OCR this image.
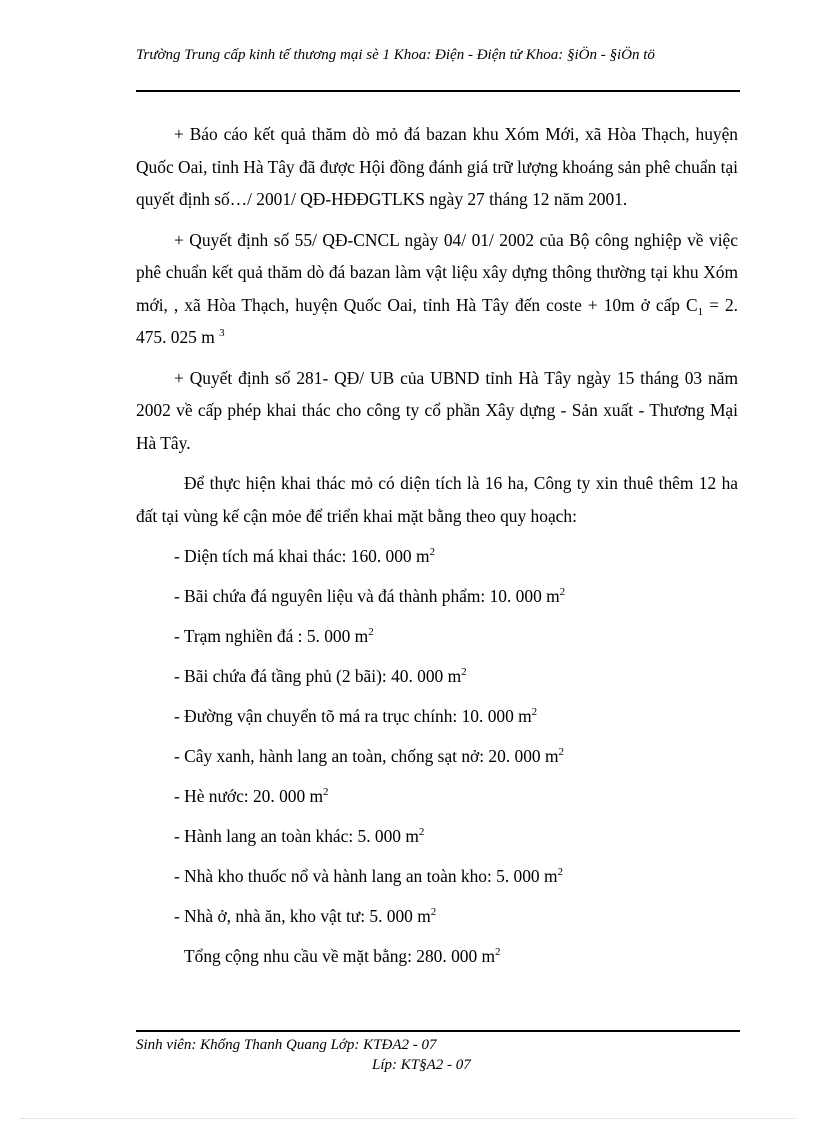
Trường Trung cấp kinh tế thương mại sè 1 Khoa: Điện - Điện tử Khoa: §iÖn - §iÖn tö

+ Báo cáo kết quả thăm dò mỏ đá bazan khu Xóm Mới, xã Hòa Thạch, huyện Quốc Oai, tỉnh Hà Tây đã được Hội đồng đánh giá trữ lượng khoáng sản phê chuẩn tại quyết định số…/ 2001/ QĐ-HĐĐGTLKS ngày 27 tháng 12 năm 2001.

+ Quyết định số 55/ QĐ-CNCL ngày 04/ 01/ 2002 của Bộ công nghiệp về việc phê chuẩn kết quả thăm dò đá bazan làm vật liệu xây dựng thông thường tại khu Xóm mới, , xã Hòa Thạch, huyện Quốc Oai, tỉnh Hà Tây đến coste + 10m ở cấp $C_1 = 2$. 475. 025 m $^3$

+ Quyết định số 281- QĐ/ UB của UBND tỉnh Hà Tây ngày 15 tháng 03 năm 2002 về cấp phép khai thác cho công ty cổ phần Xây dựng - Sản xuất - Thương Mại Hà Tây.

Để thực hiện khai thác mỏ có diện tích là 16 ha, Công ty xin thuê thêm 12 ha đất tại vùng kế cận mỏe để triển khai mặt bằng theo quy hoạch:

- Diện tích má khai thác: 160. 000 $m^2$
- Bãi chứa đá nguyên liệu và đá thành phẩm: 10. 000 $m^2$
- Trạm nghiền đá : 5. 000 $m^2$
- Bãi chứa đá tầng phủ (2 bãi): 40. 000 $m^2$
- Đường vận chuyển tõ má ra trục chính: 10. 000 $m^2$
- Cây xanh, hành lang an toàn, chống sạt nở: 20. 000 $m^2$
- Hè nước: 20. 000 $m^2$
- Hành lang an toàn khác: 5. 000 $m^2$
- Nhà kho thuốc nổ và hành lang an toàn kho: 5. 000 $m^2$
- Nhà ở, nhà ăn, kho vật tư: 5. 000 $m^2$
Tổng cộng nhu cầu về mặt bằng: 280. 000 $m^2$
Sinh viên: Khổng Thanh Quang Lớp: KTĐA2 - 07
Líp: KT§A2 - 07
